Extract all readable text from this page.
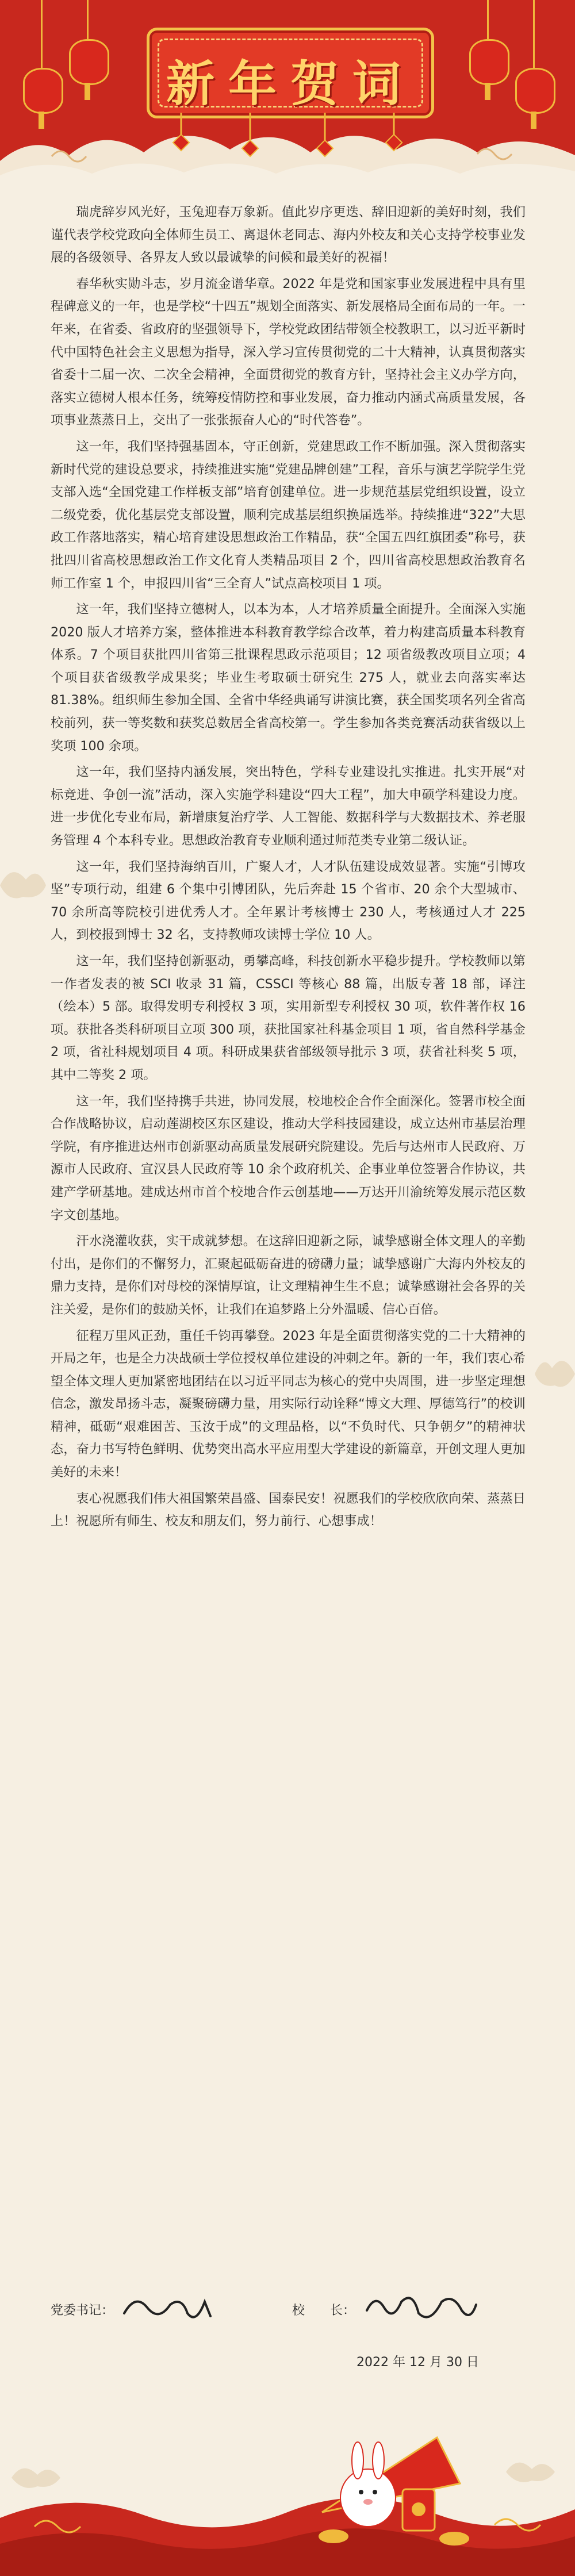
新年贺词

瑞虎辞岁风光好，玉兔迎春万象新。值此岁序更迭、辞旧迎新的美好时刻，我们谨代表学校党政向全体师生员工、离退休老同志、海内外校友和关心支持学校事业发展的各级领导、各界友人致以最诚挚的问候和最美好的祝福！

春华秋实勋斗志，岁月流金谱华章。2022 年是党和国家事业发展进程中具有里程碑意义的一年，也是学校“十四五”规划全面落实、新发展格局全面布局的一年。一年来，在省委、省政府的坚强领导下，学校党政团结带领全校教职工，以习近平新时代中国特色社会主义思想为指导，深入学习宣传贯彻党的二十大精神，认真贯彻落实省委十二届一次、二次全会精神，全面贯彻党的教育方针，坚持社会主义办学方向，落实立德树人根本任务，统筹疫情防控和事业发展，奋力推动内涵式高质量发展，各项事业蒸蒸日上，交出了一张张振奋人心的“时代答卷”。

这一年，我们坚持强基固本，守正创新，党建思政工作不断加强。深入贯彻落实新时代党的建设总要求，持续推进实施“党建品牌创建”工程，音乐与演艺学院学生党支部入选“全国党建工作样板支部”培育创建单位。进一步规范基层党组织设置，设立二级党委，优化基层党支部设置，顺利完成基层组织换届选举。持续推进“322”大思政工作落地落实，精心培育建设思想政治工作精品，获“全国五四红旗团委”称号，获批四川省高校思想政治工作文化育人类精品项目 2 个，四川省高校思想政治教育名师工作室 1 个，申报四川省“三全育人”试点高校项目 1 项。

这一年，我们坚持立德树人，以本为本，人才培养质量全面提升。全面深入实施 2020 版人才培养方案，整体推进本科教育教学综合改革，着力构建高质量本科教育体系。7 个项目获批四川省第三批课程思政示范项目；12 项省级教改项目立项；4 个项目获省级教学成果奖；毕业生考取硕士研究生 275 人，就业去向落实率达 81.38%。组织师生参加全国、全省中华经典诵写讲演比赛，获全国奖项名列全省高校前列，获一等奖数和获奖总数居全省高校第一。学生参加各类竞赛活动获省级以上奖项 100 余项。

这一年，我们坚持内涵发展，突出特色，学科专业建设扎实推进。扎实开展“对标竞进、争创一流”活动，深入实施学科建设“四大工程”，加大申硕学科建设力度。进一步优化专业布局，新增康复治疗学、人工智能、数据科学与大数据技术、养老服务管理 4 个本科专业。思想政治教育专业顺利通过师范类专业第二级认证。

这一年，我们坚持海纳百川，广聚人才，人才队伍建设成效显著。实施“引博攻坚”专项行动，组建 6 个集中引博团队，先后奔赴 15 个省市、20 余个大型城市、70 余所高等院校引进优秀人才。全年累计考核博士 230 人，考核通过人才 225 人，到校报到博士 32 名，支持教师攻读博士学位 10 人。

这一年，我们坚持创新驱动，勇攀高峰，科技创新水平稳步提升。学校教师以第一作者发表的被 SCI 收录 31 篇，CSSCI 等核心 88 篇，出版专著 18 部，译注（绘本）5 部。取得发明专利授权 3 项，实用新型专利授权 30 项，软件著作权 16 项。获批各类科研项目立项 300 项，获批国家社科基金项目 1 项，省自然科学基金 2 项，省社科规划项目 4 项。科研成果获省部级领导批示 3 项，获省社科奖 5 项，其中二等奖 2 项。

这一年，我们坚持携手共进，协同发展，校地校企合作全面深化。签署市校全面合作战略协议，启动莲湖校区东区建设，推动大学科技园建设，成立达州市基层治理学院，有序推进达州市创新驱动高质量发展研究院建设。先后与达州市人民政府、万源市人民政府、宣汉县人民政府等 10 余个政府机关、企事业单位签署合作协议，共建产学研基地。建成达州市首个校地合作云创基地——万达开川渝统筹发展示范区数字文创基地。

汗水浇灌收获，实干成就梦想。在这辞旧迎新之际，诚挚感谢全体文理人的辛勤付出，是你们的不懈努力，汇聚起砥砺奋进的磅礴力量；诚挚感谢广大海内外校友的鼎力支持，是你们对母校的深情厚谊，让文理精神生生不息；诚挚感谢社会各界的关注关爱，是你们的鼓励关怀，让我们在追梦路上分外温暖、信心百倍。

征程万里风正劲，重任千钧再攀登。2023 年是全面贯彻落实党的二十大精神的开局之年，也是全力决战硕士学位授权单位建设的冲刺之年。新的一年，我们衷心希望全体文理人更加紧密地团结在以习近平同志为核心的党中央周围，进一步坚定理想信念，激发昂扬斗志，凝聚磅礴力量，用实际行动诠释“博文大理、厚德笃行”的校训精神，砥砺“艰难困苦、玉汝于成”的文理品格，以“不负时代、只争朝夕”的精神状态，奋力书写特色鲜明、优势突出高水平应用型大学建设的新篇章，开创文理人更加美好的未来！

衷心祝愿我们伟大祖国繁荣昌盛、国泰民安！祝愿我们的学校欣欣向荣、蒸蒸日上！祝愿所有师生、校友和朋友们，努力前行、心想事成！

党委书记：	校　　长：
2022 年 12 月 30 日
